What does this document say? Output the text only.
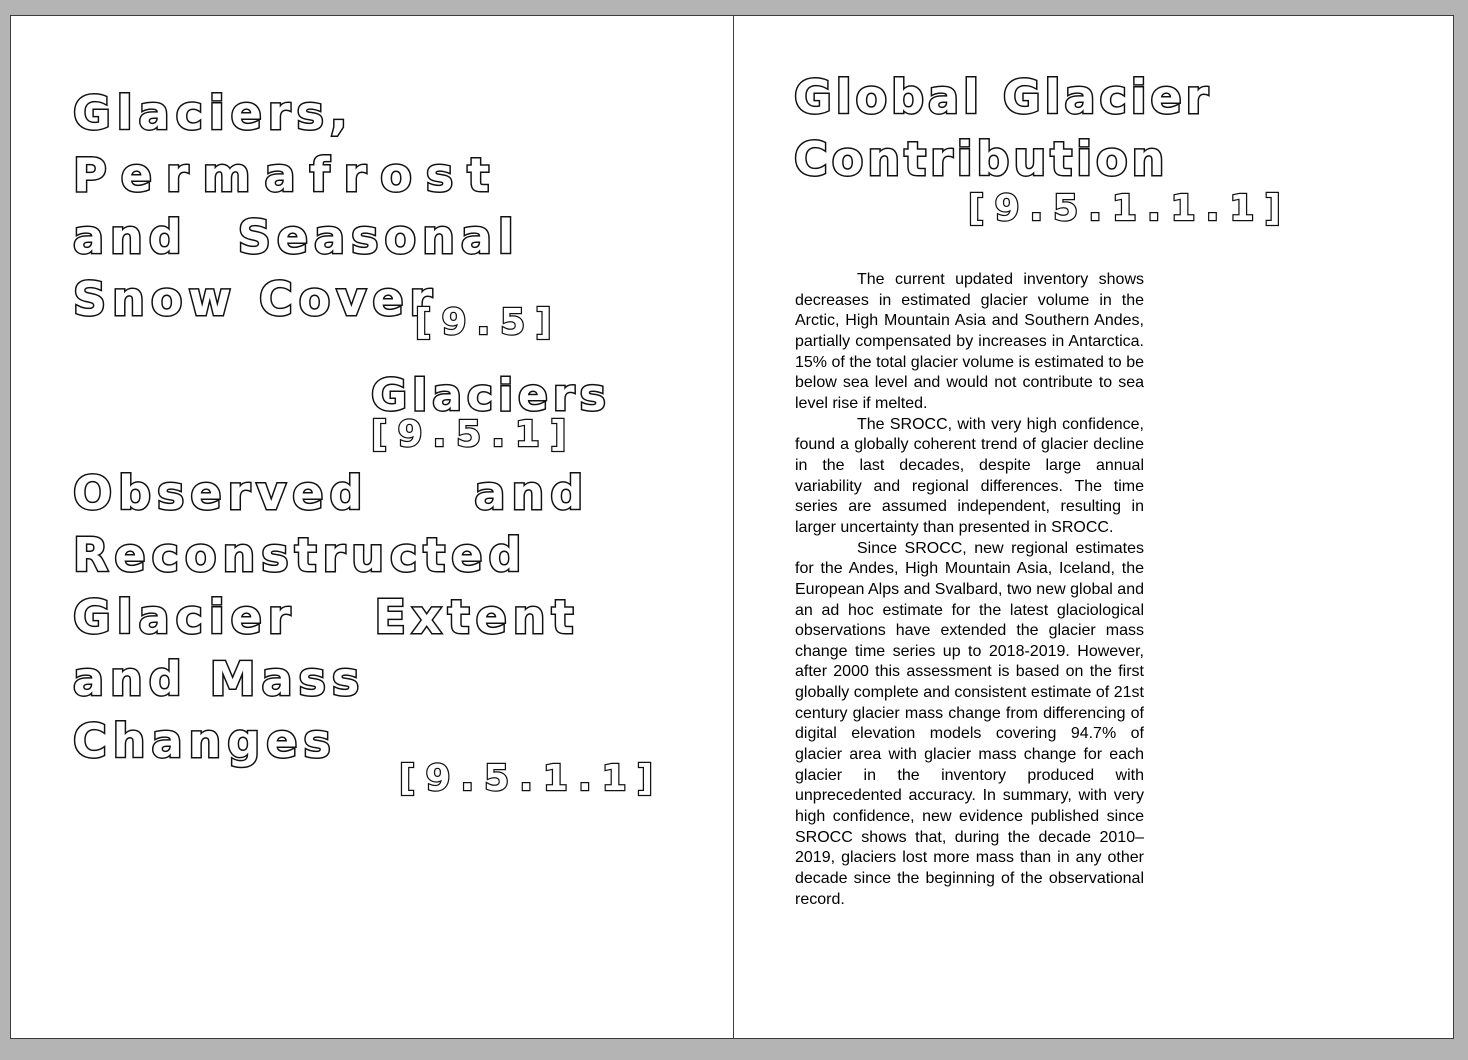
Glaciers,
Permafrost
and Seasonal
Snow Cover
[9.5]
Glaciers
[9.5.1]
Observed and
Reconstructed
Glacier Extent
and Mass
Changes
[9.5.1.1]
Global Glacier
Contribution
[9.5.1.1.1]

The current updated inventory shows decreases in estimated glacier volume in the Arctic, High Mountain Asia and Southern Andes, partially compensated by increases in Antarctica. 15% of the total glacier volume is estimated to be below sea level and would not contribute to sea level rise if melted.

The SROCC, with very high confidence, found a globally coherent trend of glacier decline in the last decades, despite large annual variability and regional differences. The time series are assumed independent, resulting in larger uncertainty than presented in SROCC.

Since SROCC, new regional estimates for the Andes, High Mountain Asia, Iceland, the European Alps and Svalbard, two new global and an ad hoc estimate for the latest glaciological observations have extended the glacier mass change time series up to 2018-2019. However, after 2000 this assessment is based on the first globally complete and consistent estimate of 21st century glacier mass change from differencing of digital elevation models covering 94.7% of glacier area with glacier mass change for each glacier in the inventory produced with unprecedented accuracy. In summary, with very high confidence, new evidence published since SROCC shows that, during the decade 2010–2019, glaciers lost more mass than in any other decade since the beginning of the observational record.
